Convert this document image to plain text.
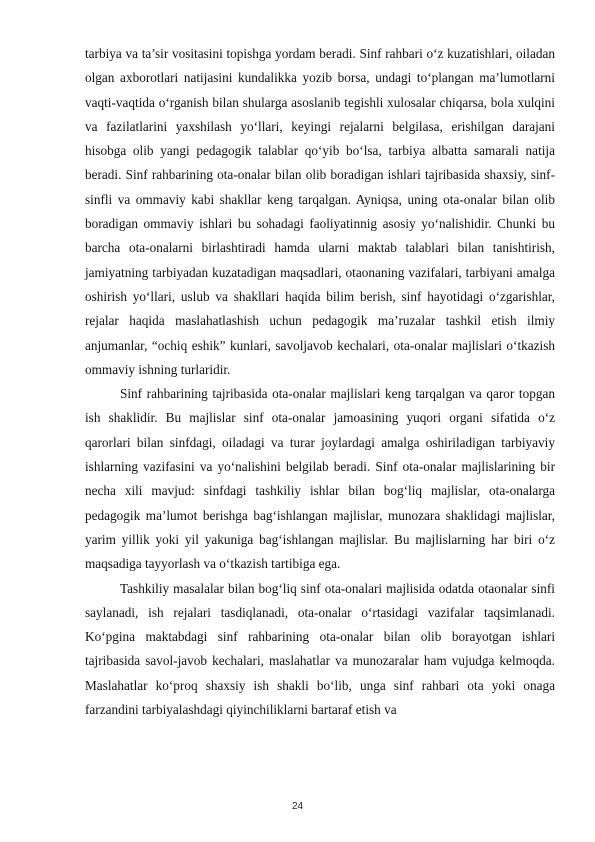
tarbiya va ta’sir vositasini topishga yordam beradi. Sinf rahbari o‘z kuzatishlari, oiladan olgan axborotlari natijasini kundalikka yozib borsa, undagi to‘plangan ma’lumotlarni vaqti-vaqtida o‘rganish bilan shularga asoslanib tegishli xulosalar chiqarsa, bola xulqini va fazilatlarini yaxshilash yo‘llari, keyingi rejalarni belgilasa, erishilgan darajani hisobga olib yangi pedagogik talablar qo‘yib bo‘lsa, tarbiya albatta samarali natija beradi. Sinf rahbarining ota-onalar bilan olib boradigan ishlari tajribasida shaxsiy, sinf-sinfli va ommaviy kabi shakllar keng tarqalgan. Ayniqsa, uning ota-onalar bilan olib boradigan ommaviy ishlari bu sohadagi faoliyatinnig asosiy yo‘nalishidir. Chunki bu barcha ota-onalarni birlashtiradi hamda ularni maktab talablari bilan tanishtirish, jamiyatning tarbiyadan kuzatadigan maqsadlari, otaonaning vazifalari, tarbiyani amalga oshirish yo‘llari, uslub va shakllari haqida bilim berish, sinf hayotidagi o‘zgarishlar, rejalar haqida maslahatlashish uchun pedagogik ma’ruzalar tashkil etish ilmiy anjumanlar, “ochiq eshik” kunlari, savoljavob kechalari, ota-onalar majlislari o‘tkazish ommaviy ishning turlaridir.

Sinf rahbarining tajribasida ota-onalar majlislari keng tarqalgan va qaror topgan ish shaklidir. Bu majlislar sinf ota-onalar jamoasining yuqori organi sifatida o‘z qarorlari bilan sinfdagi, oiladagi va turar joylardagi amalga oshiriladigan tarbiyaviy ishlarning vazifasini va yo‘nalishini belgilab beradi. Sinf ota-onalar majlislarining bir necha xili mavjud: sinfdagi tashkiliy ishlar bilan bog‘liq majlislar, ota-onalarga pedagogik ma’lumot berishga bag‘ishlangan majlislar, munozara shaklidagi majlislar, yarim yillik yoki yil yakuniga bag‘ishlangan majlislar. Bu majlislarning har biri o‘z maqsadiga tayyorlash va o‘tkazish tartibiga ega.

Tashkiliy masalalar bilan bog‘liq sinf ota-onalari majlisida odatda otaonalar sinfi saylanadi, ish rejalari tasdiqlanadi, ota-onalar o‘rtasidagi vazifalar taqsimlanadi. Ko‘pgina maktabdagi sinf rahbarining ota-onalar bilan olib borayotgan ishlari tajribasida savol-javob kechalari, maslahatlar va munozaralar ham vujudga kelmoqda. Maslahatlar ko‘proq shaxsiy ish shakli bo‘lib, unga sinf rahbari ota yoki onaga farzandini tarbiyalashdagi qiyinchiliklarni bartaraf etish va

24
